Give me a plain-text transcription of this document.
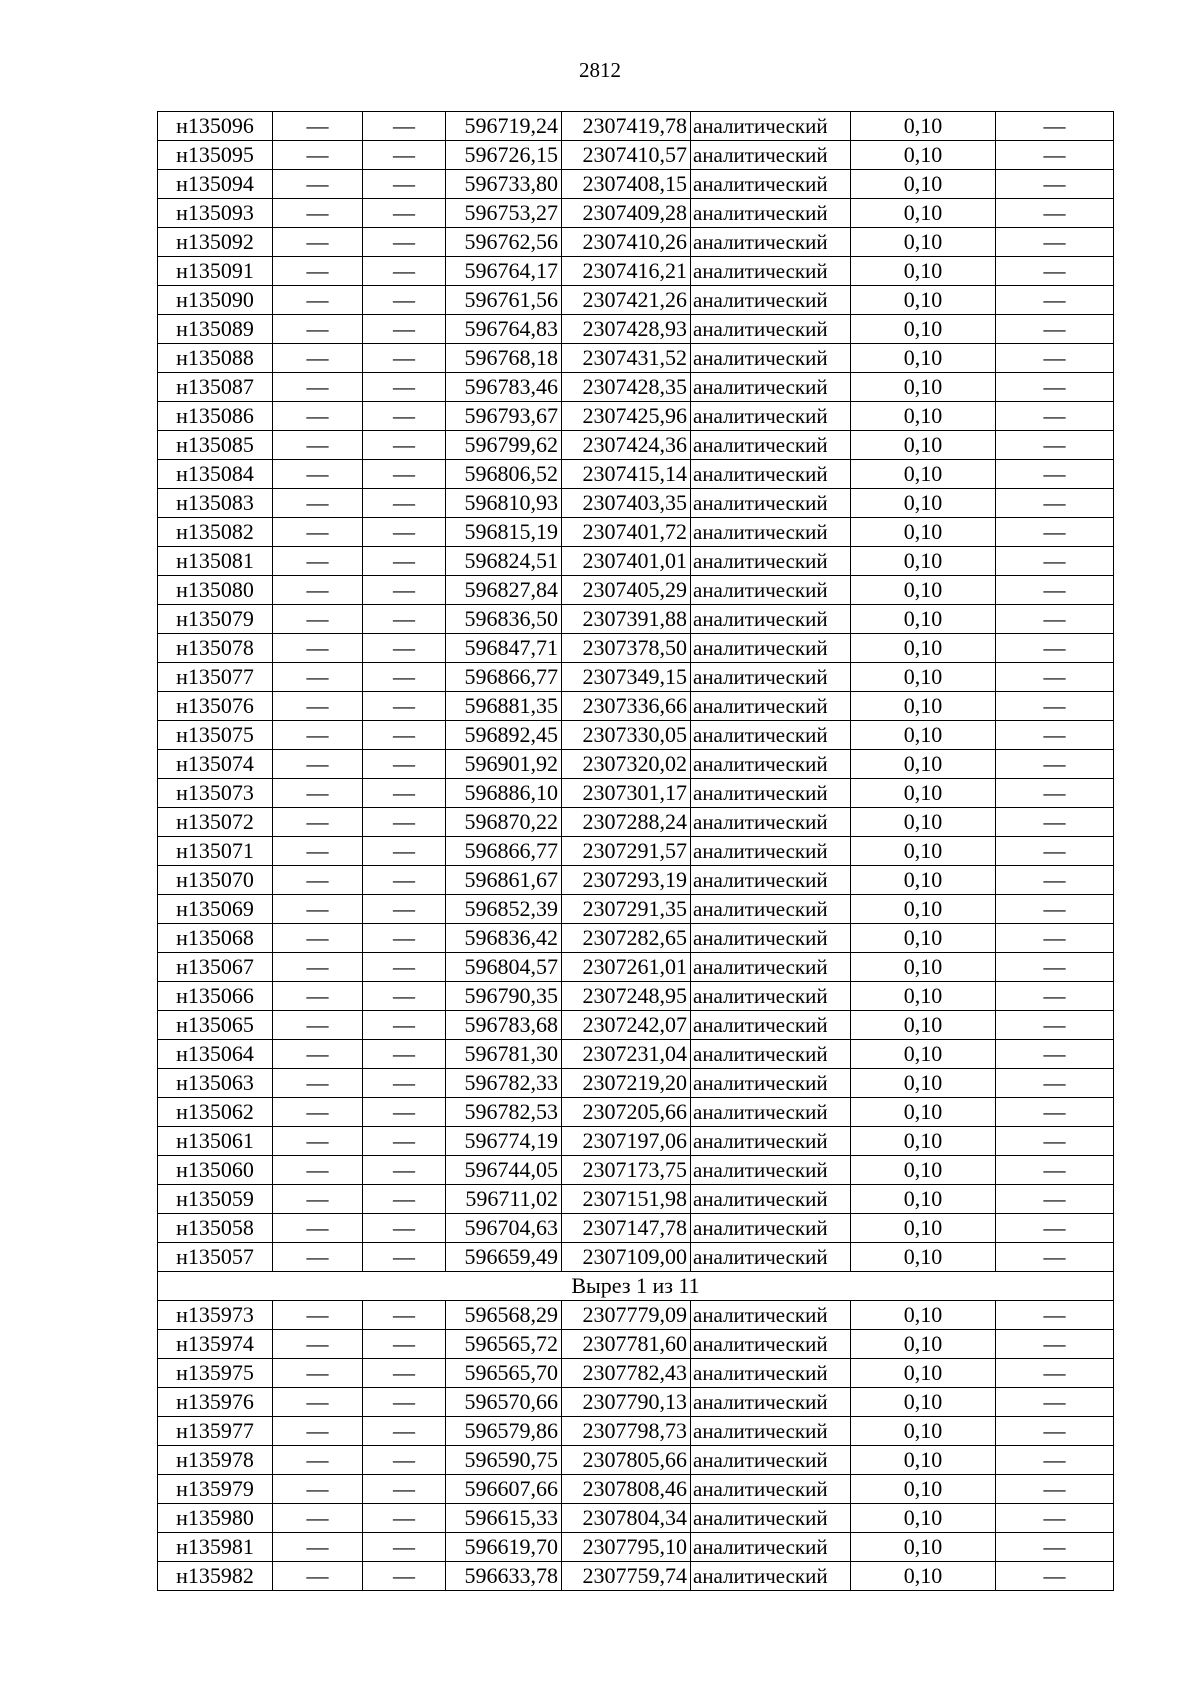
2812
н135096	—	—	596719,24	2307419,78	аналитический	0,10	—
н135095	—	—	596726,15	2307410,57	аналитический	0,10	—
н135094	—	—	596733,80	2307408,15	аналитический	0,10	—
н135093	—	—	596753,27	2307409,28	аналитический	0,10	—
н135092	—	—	596762,56	2307410,26	аналитический	0,10	—
н135091	—	—	596764,17	2307416,21	аналитический	0,10	—
н135090	—	—	596761,56	2307421,26	аналитический	0,10	—
н135089	—	—	596764,83	2307428,93	аналитический	0,10	—
н135088	—	—	596768,18	2307431,52	аналитический	0,10	—
н135087	—	—	596783,46	2307428,35	аналитический	0,10	—
н135086	—	—	596793,67	2307425,96	аналитический	0,10	—
н135085	—	—	596799,62	2307424,36	аналитический	0,10	—
н135084	—	—	596806,52	2307415,14	аналитический	0,10	—
н135083	—	—	596810,93	2307403,35	аналитический	0,10	—
н135082	—	—	596815,19	2307401,72	аналитический	0,10	—
н135081	—	—	596824,51	2307401,01	аналитический	0,10	—
н135080	—	—	596827,84	2307405,29	аналитический	0,10	—
н135079	—	—	596836,50	2307391,88	аналитический	0,10	—
н135078	—	—	596847,71	2307378,50	аналитический	0,10	—
н135077	—	—	596866,77	2307349,15	аналитический	0,10	—
н135076	—	—	596881,35	2307336,66	аналитический	0,10	—
н135075	—	—	596892,45	2307330,05	аналитический	0,10	—
н135074	—	—	596901,92	2307320,02	аналитический	0,10	—
н135073	—	—	596886,10	2307301,17	аналитический	0,10	—
н135072	—	—	596870,22	2307288,24	аналитический	0,10	—
н135071	—	—	596866,77	2307291,57	аналитический	0,10	—
н135070	—	—	596861,67	2307293,19	аналитический	0,10	—
н135069	—	—	596852,39	2307291,35	аналитический	0,10	—
н135068	—	—	596836,42	2307282,65	аналитический	0,10	—
н135067	—	—	596804,57	2307261,01	аналитический	0,10	—
н135066	—	—	596790,35	2307248,95	аналитический	0,10	—
н135065	—	—	596783,68	2307242,07	аналитический	0,10	—
н135064	—	—	596781,30	2307231,04	аналитический	0,10	—
н135063	—	—	596782,33	2307219,20	аналитический	0,10	—
н135062	—	—	596782,53	2307205,66	аналитический	0,10	—
н135061	—	—	596774,19	2307197,06	аналитический	0,10	—
н135060	—	—	596744,05	2307173,75	аналитический	0,10	—
н135059	—	—	596711,02	2307151,98	аналитический	0,10	—
н135058	—	—	596704,63	2307147,78	аналитический	0,10	—
н135057	—	—	596659,49	2307109,00	аналитический	0,10	—
Вырез 1 из 11							
н135973	—	—	596568,29	2307779,09	аналитический	0,10	—
н135974	—	—	596565,72	2307781,60	аналитический	0,10	—
н135975	—	—	596565,70	2307782,43	аналитический	0,10	—
н135976	—	—	596570,66	2307790,13	аналитический	0,10	—
н135977	—	—	596579,86	2307798,73	аналитический	0,10	—
н135978	—	—	596590,75	2307805,66	аналитический	0,10	—
н135979	—	—	596607,66	2307808,46	аналитический	0,10	—
н135980	—	—	596615,33	2307804,34	аналитический	0,10	—
н135981	—	—	596619,70	2307795,10	аналитический	0,10	—
н135982	—	—	596633,78	2307759,74	аналитический	0,10	—
